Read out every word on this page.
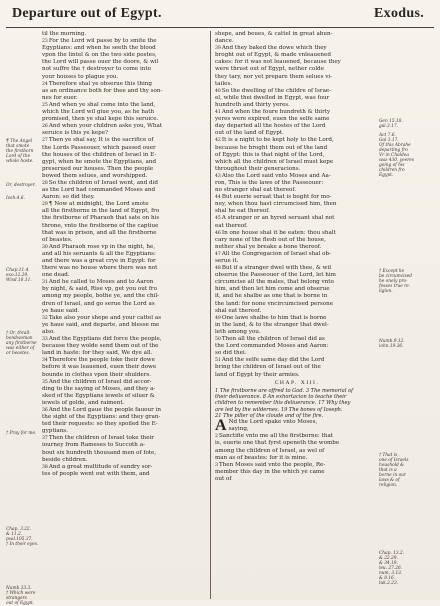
Departure out of Egypt.	Exodus.
¶ The Angel
that smote
the firstborn
Lord of the
whole hoste.
Or, destroyer.
Iosh.4.6.
Chap.11.4.
exo.12.29.
Wisd.18.11.
† Or, thrall-
bondwoman
any firstborne
was either of
or beastes.
† Pray for me.
Chap. 3.22.
& 11.2.
psal.105.37.
† In their eyes.
Numb 33.3.
† Which were
strangers
out of Egypt.
til the morning.
23For the Lord wil passe by to smite the
Egyptians: and when he seeth the blood
vpon the lintel & on the two side postes,
the Lord will passe ouer the doore, & wil
not suffre the † destroyer to come into
your houses to plague you.
24Therefore shal ye obserue this thing
as an ordinance both for thee and thy son-
nes for euer.
25And when ye shal come into the land,
which the Lord wil giue you, as he hath
promised, then ye shal kepe this seruice.
26And when your children aske you, What
seruice is this ye kepe?
27Then ye shal say, It is the sacrifice of
the Lords Passeouer, which passed ouer
the houses of the children of Israel in E-
gypt, when he smote the Egyptians, and
preserued our houses. Then the people
bowed them selues, and worshipped.
28So the children of Israel went, and did
as the Lord had commanded Moses and
Aaron: so did they.
29¶ Now at midnight, the Lord smote
all the firstborne in the land of Egypt, fro
the firstborne of Pharaoh that sate on his
throne, vnto the firstborne of the captiue
that was in prison, and all the firstborne
of beastes.
30And Pharaoh rose vp in the night, he,
and all his seruants & all the Egyptians:
and there was a great crye in Egypt: for
there was no house where there was not
one dead.
31And he called to Moses and to Aaron
by night, & said, Rise vp, get you out fro
among my people, bothe ye, and the chil-
dren of Israel, and go serue the Lord as
ye haue said.
32Take also your shepe and your cattel as
ye haue said, and departe, and blesse me
also.
33And the Egyptians did force the people,
because they wolde send them out of the
land in haste: for they said, We dye all.
34Therefore the people toke their dowe
before it was leauened, euen their dowe
bounde in clothes vpon their shulders.
35And the children of Israel did accor-
ding to the saying of Moses, and they a-
sked of the Egyptians iewels of siluer &
iewels of golde, and raiment.
36And the Lord gaue the people fauour in
the sight of the Egyptians: and they gran-
ted their requests: so they spoiled the E-
gyptians.
37Then the children of Israel toke their
iourney from Rameses to Succoth a-
bout six hundreth thousand men of fote,
beside children.
38And a great multitude of sundry sor-
tes of people went out with them, and
shepe, and beues, & cattel in great abun-
dance.
39And they baked the dowe which they
broght out of Egypt, & made vnleauened
cakes: for it was not leauened, because they
were thrust out of Egypt, nether colde
they tary, nor yet prepare them selues vi-
tailes.
40So the dwelling of the childre of Israe-
el, while thei dwelled in Egypt, was four
hundreth and thirty yeres.
41And when the foure hundreth & thirty
yeres were expired, euen the selfe same
day departed all the hostes of the Lord
out of the land of Egypt.
42It is a night to be kept holy to the Lord,
because he broght them out of the land
of Egypt: this is that night of the Lord,
which all the children of Israel must kepe
throughout their generacions.
43Also the Lord said vnto Moses and Aa-
ron, This is the lawe of the Passeouer:
no stranger shal eat thereof.
44But euerie seruat that is boght for mo-
ney, when thou hast circumcised him, then
shal he eat thereof.
45A stranger or an hyred seruant shal not
eat thereof.
46In one house shal it be eaten: thou shalt
cary none of the flesh out of the house,
nether shal ye breake a bone thereof.
47All the Congregacion of Israel shal ob-
serue it.
48But if a stranger dwel with thee, & wil
obserue the Passeouer of the Lord, let him
circumcise all the males, that belong vnto
him, and then let him come and obserue
it, and he shalbe as one that is borne in
the land: for none vncircumcised persone
shal eat thereof.
49One lawe shalbe to him that is borne
in the land, & to the stranger that dwel-
leth among you.
50Then all the children of Israel did as
the Lord commanded Moses and Aaron:
so did thei.
51And the selfe same day did the Lord
bring the children of Israel out of the
land of Egypt by their armies.
CHAP. XIII.
1 The firstborne are offred to God. 3 The memorial of
their deliuerance. 8 An exhortacion to teache their
children to remember this deliuerance. 17 Why they
are led by the wildernes. 19 The bones of Ioseph.
21 The piller of the cloude and of the fire.
A Nd the Lord spake vnto Moses,
saying,
2Sanctifie vnto me all the firstborne: that
is, euerie one that fyrst openeth the wombe
among the children of Israel, as wel of
man as of beastes: for it is mine.
3Then Moses said vnto the people, Re-
member this day in the which ye came
out of
Gen 15.18.
gal.3.17.
Act 7.6.
Gal 3.17.
Of this Abrahe
departing fro
Vr in Chaldea
was 430. yeeres
going of his
children fro
Egypt.
† Except he
be circumcised
he onely pro-
fesses true re-
ligion.
Numb.9.12.
iohn.19.36.
† That is,
one of Israels
houshold &
that is a
borne in our
laws & of
religion.
Chap. 13.2.
& 22.29.
& 34.19.
leu. 27.26.
num. 3.13.
& 8.16.
luk.2.23.
